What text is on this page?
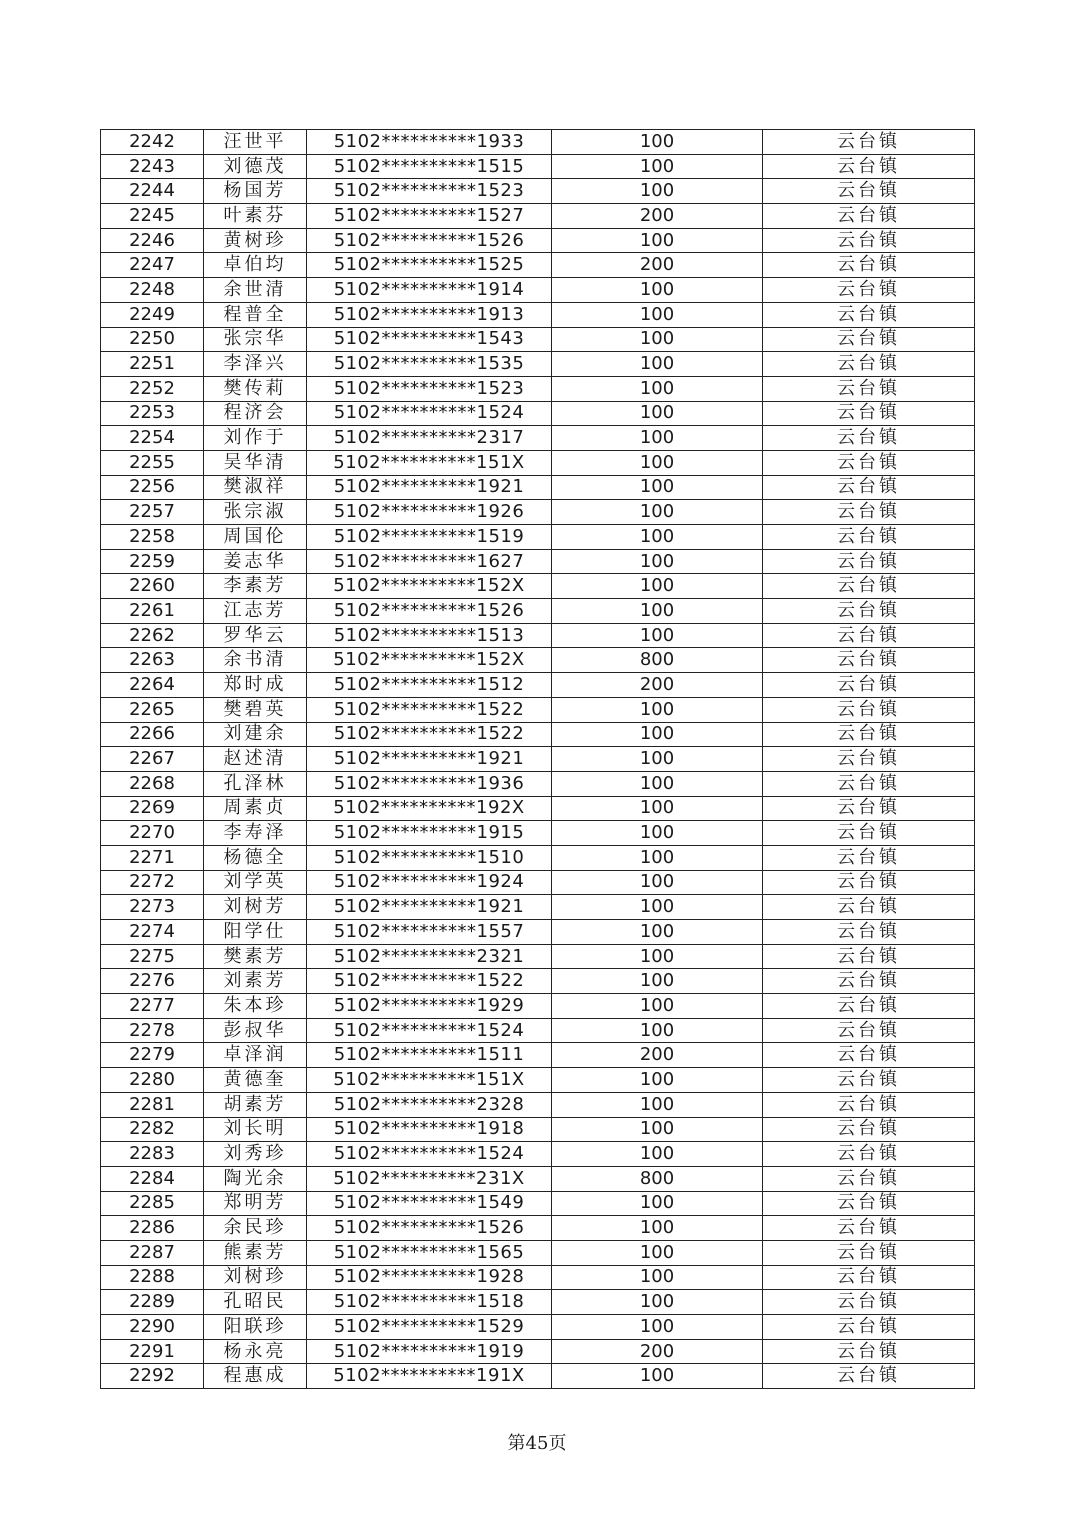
2242	汪世平	5102**********1933	100	云台镇
2243	刘德茂	5102**********1515	100	云台镇
2244	杨国芳	5102**********1523	100	云台镇
2245	叶素芬	5102**********1527	200	云台镇
2246	黄树珍	5102**********1526	100	云台镇
2247	卓伯均	5102**********1525	200	云台镇
2248	余世清	5102**********1914	100	云台镇
2249	程普全	5102**********1913	100	云台镇
2250	张宗华	5102**********1543	100	云台镇
2251	李泽兴	5102**********1535	100	云台镇
2252	樊传莉	5102**********1523	100	云台镇
2253	程济会	5102**********1524	100	云台镇
2254	刘作于	5102**********2317	100	云台镇
2255	吴华清	5102**********151X	100	云台镇
2256	樊淑祥	5102**********1921	100	云台镇
2257	张宗淑	5102**********1926	100	云台镇
2258	周国伦	5102**********1519	100	云台镇
2259	姜志华	5102**********1627	100	云台镇
2260	李素芳	5102**********152X	100	云台镇
2261	江志芳	5102**********1526	100	云台镇
2262	罗华云	5102**********1513	100	云台镇
2263	余书清	5102**********152X	800	云台镇
2264	郑时成	5102**********1512	200	云台镇
2265	樊碧英	5102**********1522	100	云台镇
2266	刘建余	5102**********1522	100	云台镇
2267	赵述清	5102**********1921	100	云台镇
2268	孔泽林	5102**********1936	100	云台镇
2269	周素贞	5102**********192X	100	云台镇
2270	李寿泽	5102**********1915	100	云台镇
2271	杨德全	5102**********1510	100	云台镇
2272	刘学英	5102**********1924	100	云台镇
2273	刘树芳	5102**********1921	100	云台镇
2274	阳学仕	5102**********1557	100	云台镇
2275	樊素芳	5102**********2321	100	云台镇
2276	刘素芳	5102**********1522	100	云台镇
2277	朱本珍	5102**********1929	100	云台镇
2278	彭叔华	5102**********1524	100	云台镇
2279	卓泽润	5102**********1511	200	云台镇
2280	黄德奎	5102**********151X	100	云台镇
2281	胡素芳	5102**********2328	100	云台镇
2282	刘长明	5102**********1918	100	云台镇
2283	刘秀珍	5102**********1524	100	云台镇
2284	陶光余	5102**********231X	800	云台镇
2285	郑明芳	5102**********1549	100	云台镇
2286	余民珍	5102**********1526	100	云台镇
2287	熊素芳	5102**********1565	100	云台镇
2288	刘树珍	5102**********1928	100	云台镇
2289	孔昭民	5102**********1518	100	云台镇
2290	阳联珍	5102**********1529	100	云台镇
2291	杨永亮	5102**********1919	200	云台镇
2292	程惠成	5102**********191X	100	云台镇
第45页
